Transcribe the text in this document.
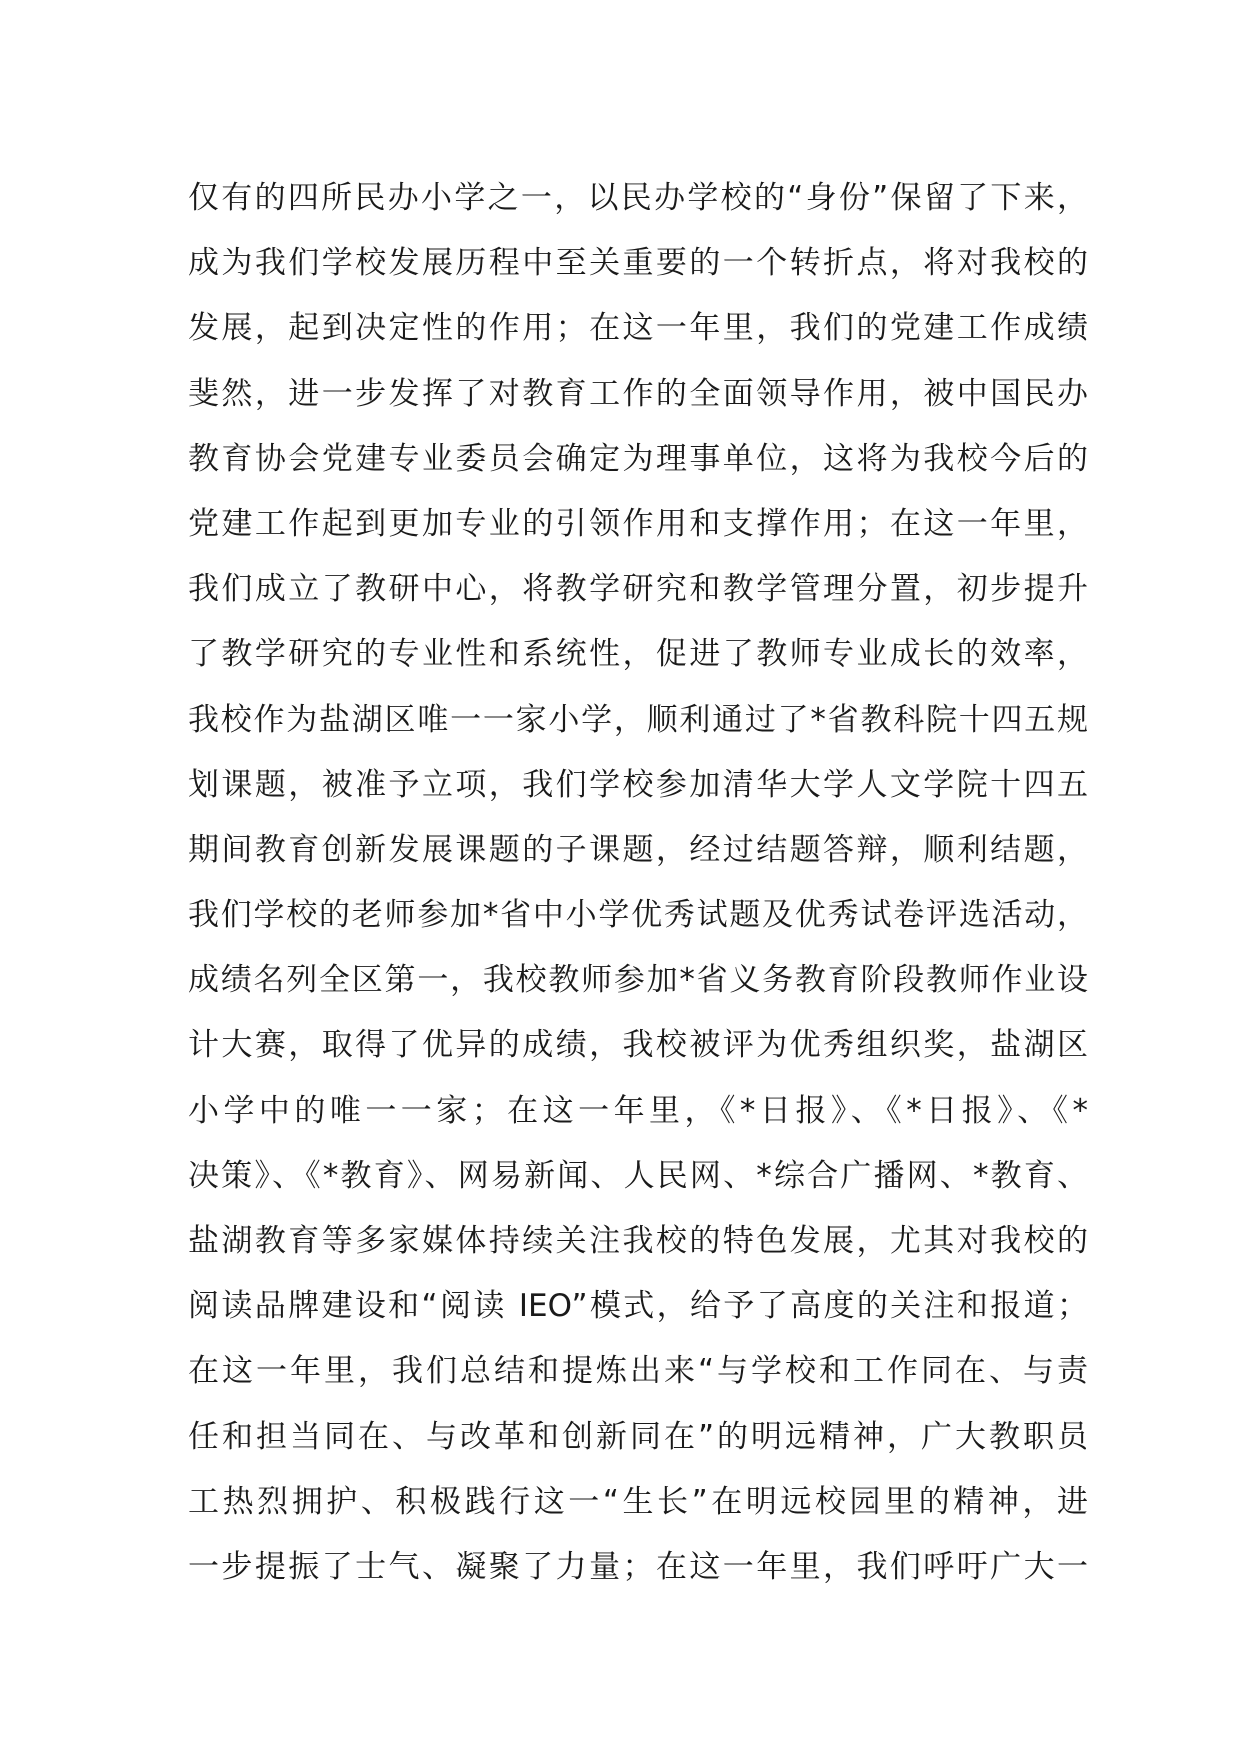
仅有的四所民办小学之一，以民办学校的“身份”保留了下来，
成为我们学校发展历程中至关重要的一个转折点，将对我校的
发展，起到决定性的作用；在这一年里，我们的党建工作成绩
斐然，进一步发挥了对教育工作的全面领导作用，被中国民办
教育协会党建专业委员会确定为理事单位，这将为我校今后的
党建工作起到更加专业的引领作用和支撑作用；在这一年里，
我们成立了教研中心，将教学研究和教学管理分置，初步提升
了教学研究的专业性和系统性，促进了教师专业成长的效率，
我校作为盐湖区唯一一家小学，顺利通过了*省教科院十四五规
划课题，被准予立项，我们学校参加清华大学人文学院十四五
期间教育创新发展课题的子课题，经过结题答辩，顺利结题，
我们学校的老师参加*省中小学优秀试题及优秀试卷评选活动，
成绩名列全区第一，我校教师参加*省义务教育阶段教师作业设
计大赛，取得了优异的成绩，我校被评为优秀组织奖，盐湖区
小学中的唯一一家；在这一年里，《*日报》、《*日报》、《*
决策》、《*教育》、网易新闻、人民网、*综合广播网、*教育、
盐湖教育等多家媒体持续关注我校的特色发展，尤其对我校的
阅读品牌建设和“阅读 IEO”模式，给予了高度的关注和报道；
在这一年里，我们总结和提炼出来“与学校和工作同在、与责
任和担当同在、与改革和创新同在”的明远精神，广大教职员
工热烈拥护、积极践行这一“生长”在明远校园里的精神，进
一步提振了士气、凝聚了力量；在这一年里，我们呼吁广大一
